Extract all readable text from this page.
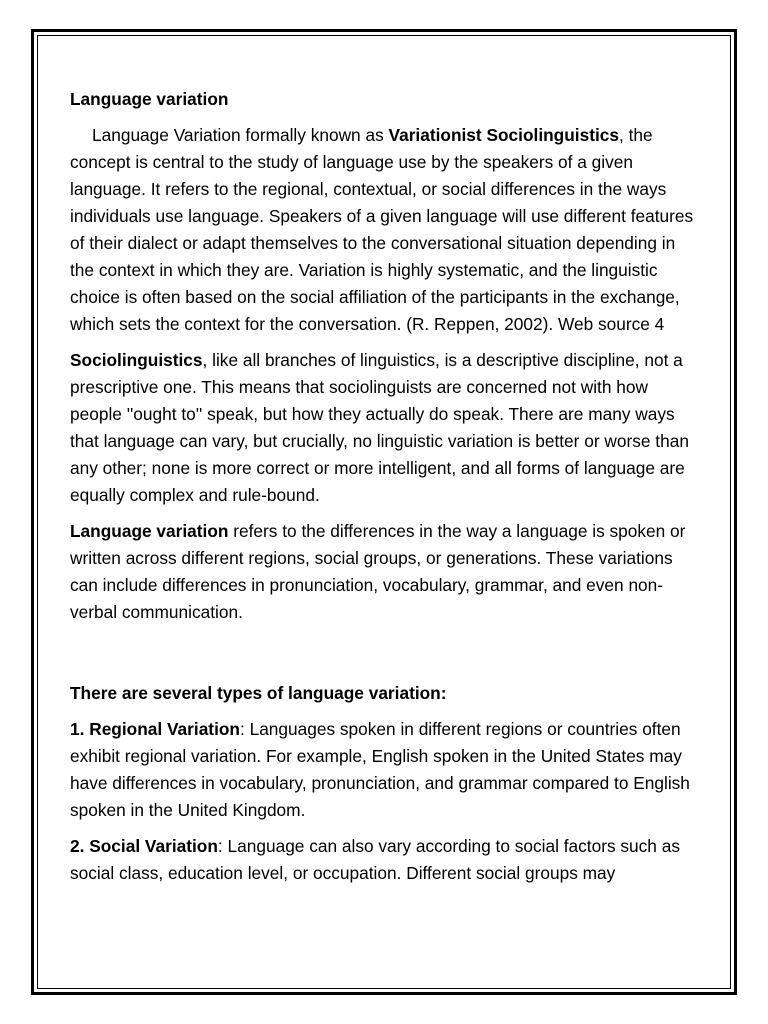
Language variation

Language Variation formally known as Variationist Sociolinguistics, the concept is central to the study of language use by the speakers of a given language. It refers to the regional, contextual, or social differences in the ways individuals use language. Speakers of a given language will use different features of their dialect or adapt themselves to the conversational situation depending in the context in which they are. Variation is highly systematic, and the linguistic choice is often based on the social affiliation of the participants in the exchange, which sets the context for the conversation. (R. Reppen, 2002). Web source 4

Sociolinguistics, like all branches of linguistics, is a descriptive discipline, not a prescriptive one. This means that sociolinguists are concerned not with how people ''ought to'' speak, but how they actually do speak. There are many ways that language can vary, but crucially, no linguistic variation is better or worse than any other; none is more correct or more intelligent, and all forms of language are equally complex and rule-bound.

Language variation refers to the differences in the way a language is spoken or written across different regions, social groups, or generations. These variations can include differences in pronunciation, vocabulary, grammar, and even non-verbal communication.

There are several types of language variation:

1. Regional Variation: Languages spoken in different regions or countries often exhibit regional variation. For example, English spoken in the United States may have differences in vocabulary, pronunciation, and grammar compared to English spoken in the United Kingdom.

2. Social Variation: Language can also vary according to social factors such as social class, education level, or occupation. Different social groups may
